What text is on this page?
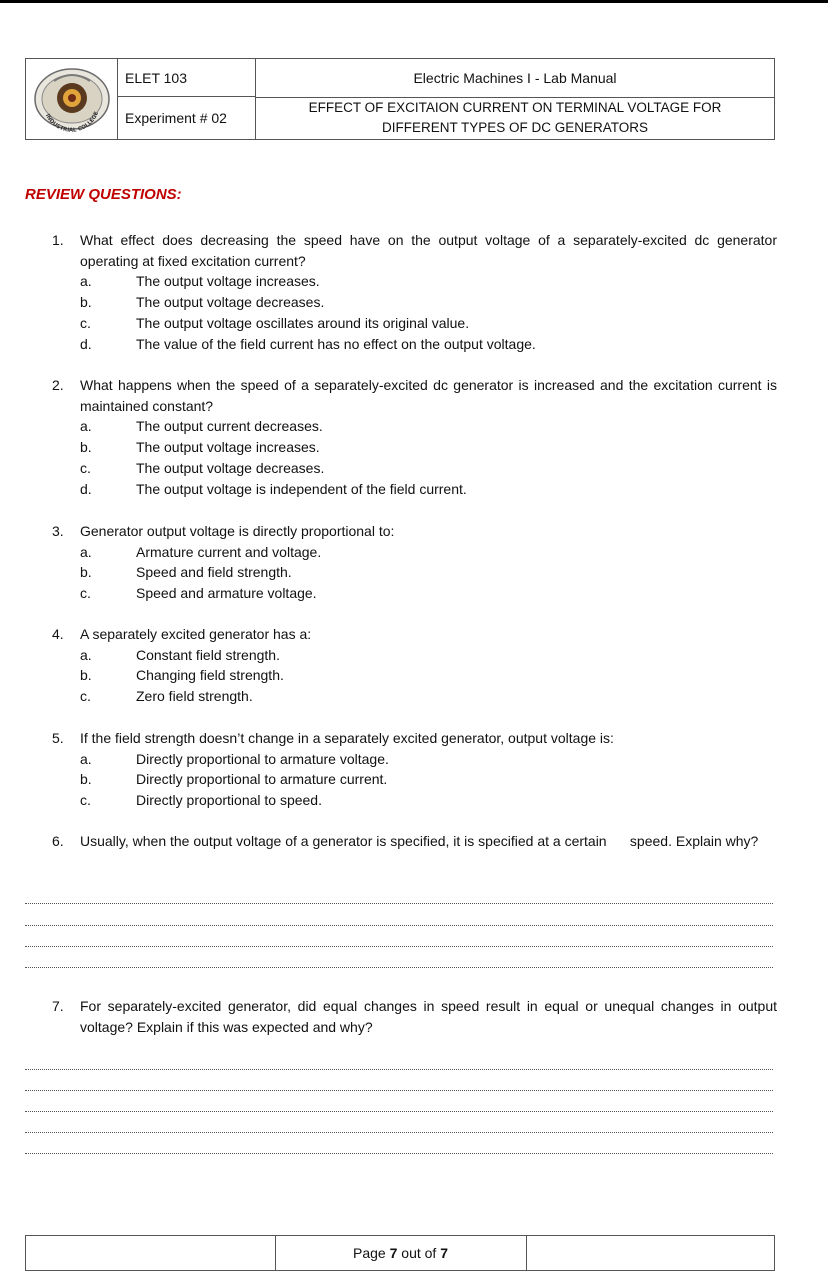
INDUSTRIAL COLLEGE
ELET 103
Experiment # 02
Electric Machines I - Lab Manual
EFFECT OF EXCITAION CURRENT ON TERMINAL VOLTAGE FOR
DIFFERENT TYPES OF DC GENERATORS
REVIEW QUESTIONS:
1. What effect does decreasing the speed have on the output voltage of a separately-excited dc generator operating at fixed excitation current?
a.	The output voltage increases.
b.	The output voltage decreases.
c.	The output voltage oscillates around its original value.
d.	The value of the field current has no effect on the output voltage.
2. What happens when the speed of a separately-excited dc generator is increased and the excitation current is maintained constant?
a.	The output current decreases.
b.	The output voltage increases.
c.	The output voltage decreases.
d.	The output voltage is independent of the field current.
3. Generator output voltage is directly proportional to:
a.	Armature current and voltage.
b.	Speed and field strength.
c.	Speed and armature voltage.
4. A separately excited generator has a:
a.	Constant field strength.
b.	Changing field strength.
c.	Zero field strength.
5. If the field strength doesn’t change in a separately excited generator, output voltage is:
a.	Directly proportional to armature voltage.
b.	Directly proportional to armature current.
c.	Directly proportional to speed.
6. Usually, when the output voltage of a generator is specified, it is specified at a certain      speed. Explain why?
7. For separately-excited generator, did equal changes in speed result in equal or unequal changes in output voltage? Explain if this was expected and why?
Page 7 out of 7
